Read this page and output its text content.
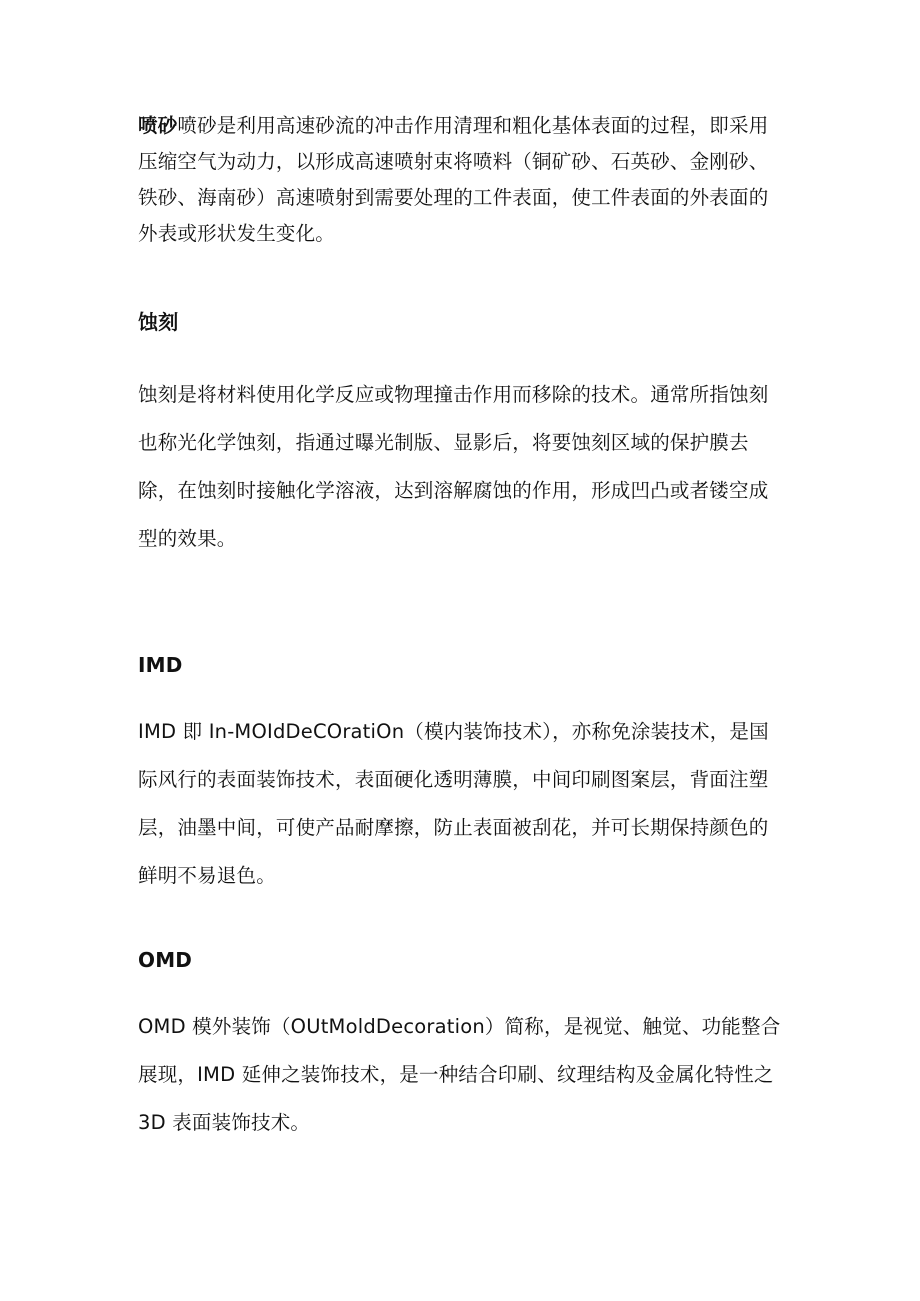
喷砂喷砂是利用高速砂流的冲击作用清理和粗化基体表面的过程，即采用压缩空气为动力，以形成高速喷射束将喷料（铜矿砂、石英砂、金刚砂、铁砂、海南砂）高速喷射到需要处理的工件表面，使工件表面的外表面的外表或形状发生变化。

蚀刻

蚀刻是将材料使用化学反应或物理撞击作用而移除的技术。通常所指蚀刻也称光化学蚀刻，指通过曝光制版、显影后，将要蚀刻区域的保护膜去除，在蚀刻时接触化学溶液，达到溶解腐蚀的作用，形成凹凸或者镂空成型的效果。

IMD

IMD 即 In-MOIdDeCOratiOn（模内装饰技术），亦称免涂装技术，是国际风行的表面装饰技术，表面硬化透明薄膜，中间印刷图案层，背面注塑层，油墨中间，可使产品耐摩擦，防止表面被刮花，并可长期保持颜色的鲜明不易退色。

OMD

OMD 模外装饰（OUtMoldDecoration）简称，是视觉、触觉、功能整合展现，IMD 延伸之装饰技术，是一种结合印刷、纹理结构及金属化特性之 3D 表面装饰技术。
